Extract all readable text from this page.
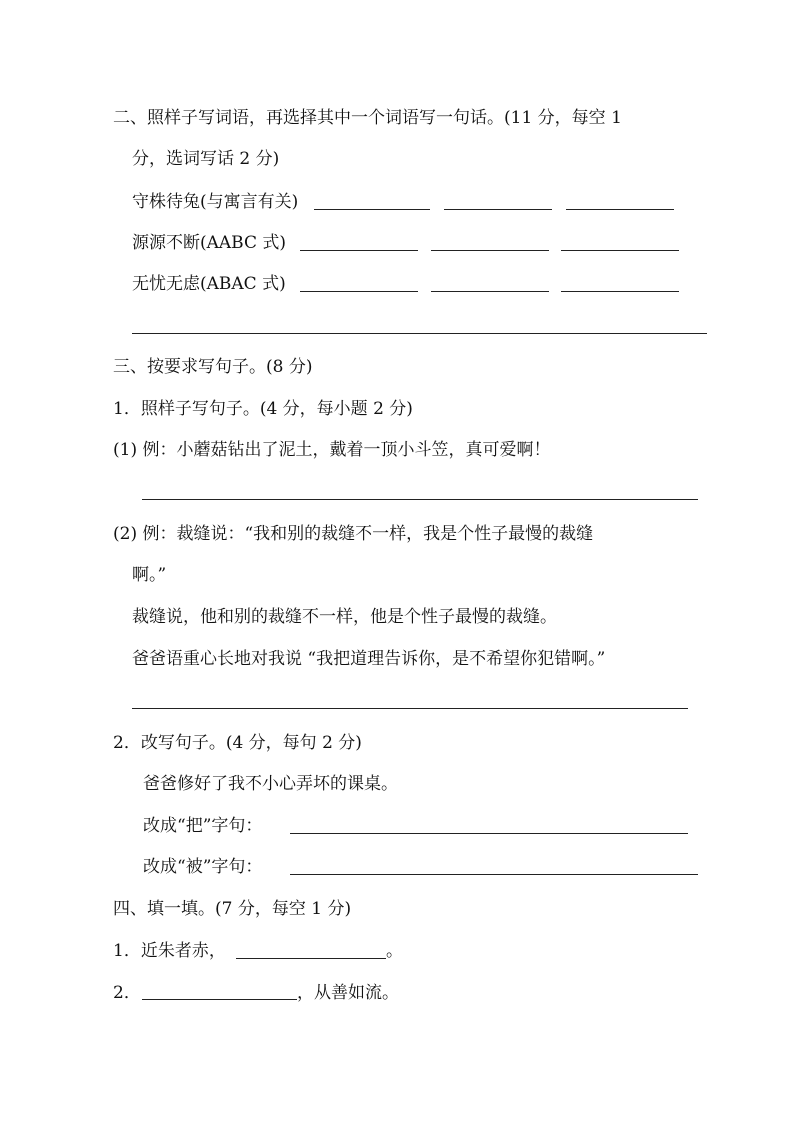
二、照样子写词语，再选择其中一个词语写一句话。(11 分，每空 1
分，选词写话 2 分)
守株待兔(与寓言有关)
源源不断(AABC 式)
无忧无虑(ABAC 式)
三、按要求写句子。(8 分)
1．照样子写句子。(4 分，每小题 2 分)
(1) 例：小蘑菇钻出了泥土，戴着一顶小斗笠，真可爱啊！
(2) 例：裁缝说：“我和别的裁缝不一样，我是个性子最慢的裁缝
啊。”
裁缝说，他和别的裁缝不一样，他是个性子最慢的裁缝。
爸爸语重心长地对我说 “我把道理告诉你，是不希望你犯错啊。”
2．改写句子。(4 分，每句 2 分)
爸爸修好了我不小心弄坏的课桌。
改成“把”字句：
改成“被”字句：
四、填一填。(7 分，每空 1 分)
1．近朱者赤，	。
2．	，从善如流。
